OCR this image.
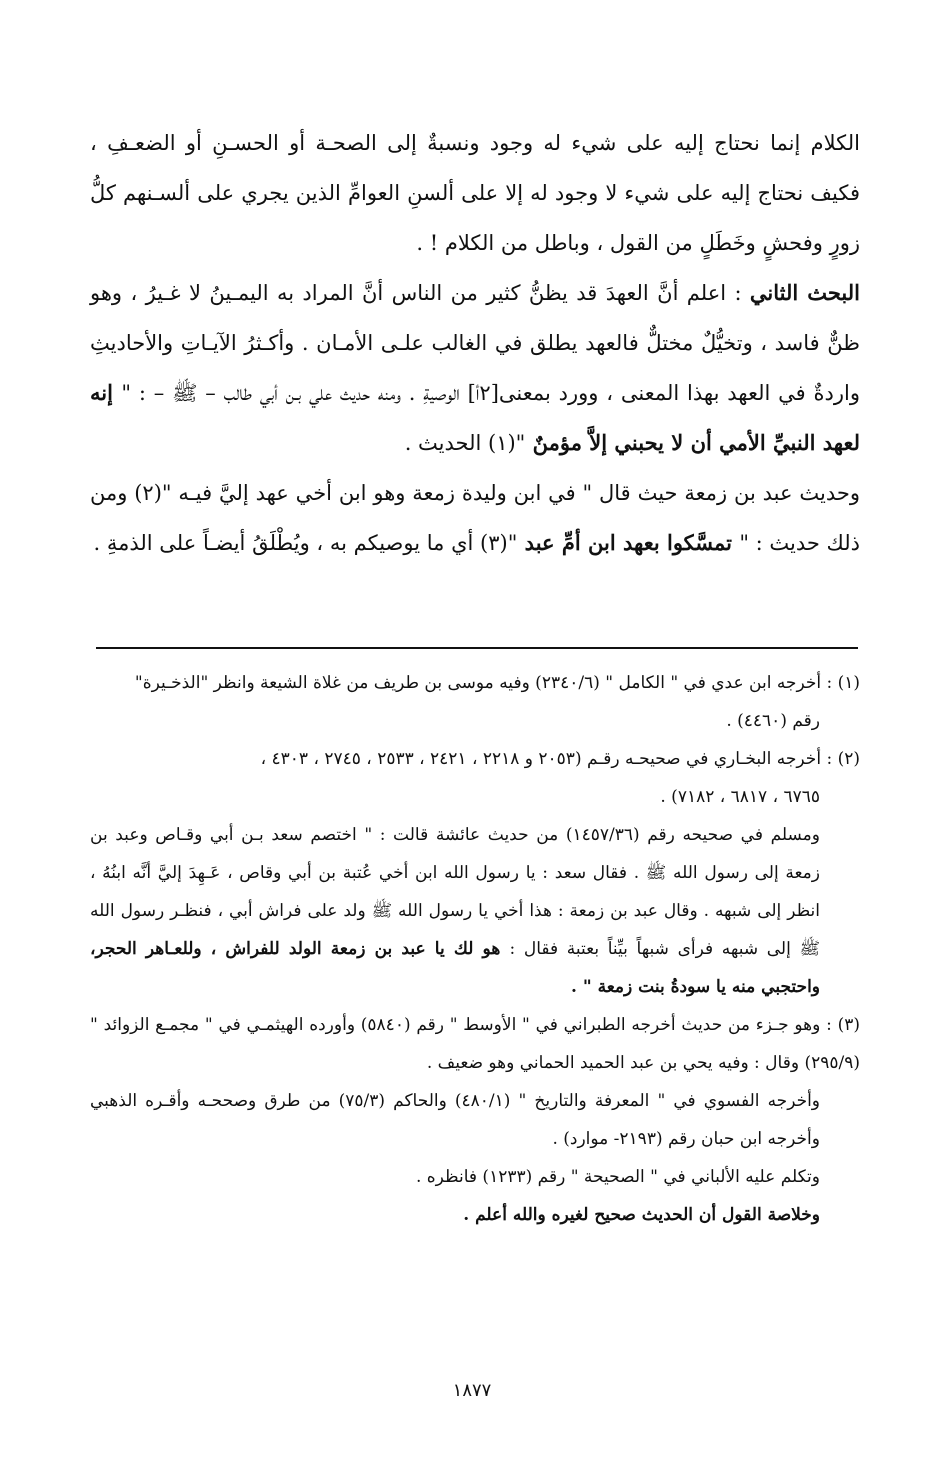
الكلام إنما نحتاج إليه على شيء له وجود ونسبةٌ إلى الصحـة أو الحسـنِ أو الضعـفِ ، فكيف نحتاج إليه على شيء لا وجود له إلا على ألسنِ العوامِّ الذين يجري على ألسـنهم كلُّ زورٍ وفحشٍ وخَطَلٍ من القول ، وباطل من الكلام ! .

البحث الثاني : اعلم أنَّ العهدَ قد يظنُّ كثير من الناس أنَّ المراد به اليمـينُ لا غـيرُ ، وهو ظنٌّ فاسد ، وتخيُّلٌ مختلٌّ فالعهد يطلق في الغالب علـى الأمـان . وأكـثرُ الآيـاتِ والأحاديثِ واردةٌ في العهد بهذا المعنى ، وورد بمعنى[٢أ] الوصيةِ . ومنه حديث علي بـن أبي طالب – ﷺ – : " إنه لعهد النبيِّ الأمي أن لا يحبني إلاَّ مؤمنٌ "(١) الحديث .

وحديث عبد بن زمعة حيث قال " في ابن وليدة زمعة وهو ابن أخي عهد إليَّ فيـه "(٢) ومن ذلك حديث : " تمسَّكوا بعهد ابن أمِّ عبد "(٣) أي ما يوصيكم به ، ويُطْلَقُ أيضـاً على الذمةِ .

(١) : أخرجه ابن عدي في " الكامل " (٢٣٤٠/٦) وفيه موسى بن طريف من غلاة الشيعة وانظر "الذخـيرة"

رقم (٤٤٦٠) .

(٢) : أخرجه البخـاري في صحيحـه رقـم (٢٠٥٣ و ٢٢١٨ ، ٢٤٢١ ، ٢٥٣٣ ، ٢٧٤٥ ، ٤٣٠٣ ،

٦٧٦٥ ، ٦٨١٧ ، ٧١٨٢) .

ومسلم في صحيحه رقم (١٤٥٧/٣٦) من حديث عائشة قالت : " اختصم سعد بـن أبي وقـاص وعبد بن زمعة إلى رسول الله ﷺ . فقال سعد : يا رسول الله ابن أخي عُتبة بن أبي وقاص ، عَـهِدَ إليَّ أنَّه ابنُهُ ، انظر إلى شبهه . وقال عبد بن زمعة : هذا أخي يا رسول الله ﷺ ولد على فراش أبي ، فنظـر رسول الله ﷺ إلى شبهه فرأى شبهاً بيِّناً بعتبة فقال : هو لك يا عبد بن زمعة الولد للفراش ، وللعـاهر الحجر، واحتجبي منه يا سودةُ بنت زمعة " .

(٣) : وهو جـزء من حديث أخرجه الطبراني في " الأوسط " رقم (٥٨٤٠) وأورده الهيثمـي في " مجمـع الزوائد " (٢٩٥/٩) وقال : وفيه يحي بن عبد الحميد الحماني وهو ضعيف .

وأخرجه الفسوي في " المعرفة والتاريخ " (٤٨٠/١) والحاكم (٧٥/٣) من طرق وصححـه وأقـره الذهبي وأخرجه ابن حبان رقم (٢١٩٣- موارد) .

وتكلم عليه الألباني في " الصحيحة " رقم (١٢٣٣) فانظره .

وخلاصة القول أن الحديث صحيح لغيره والله أعلم .

١٨٧٧
